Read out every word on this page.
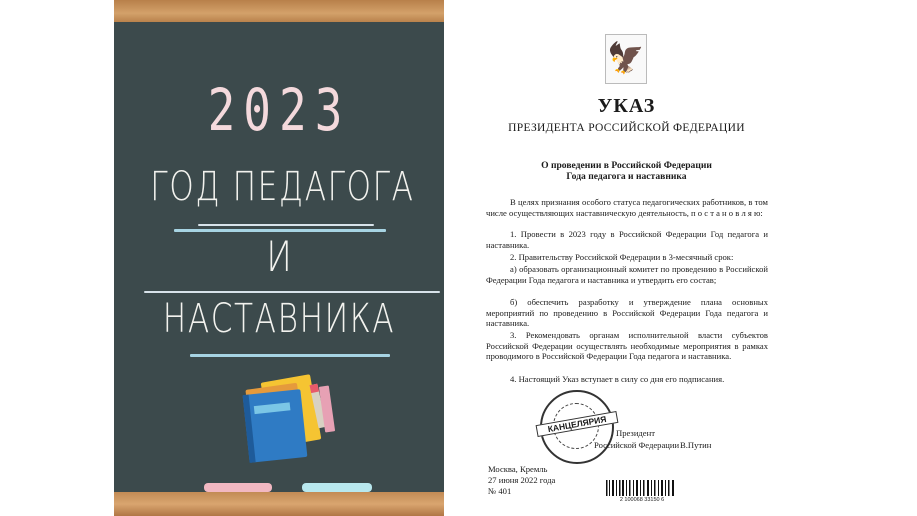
2023
ГОД ПЕДАГОГА
И
НАСТАВНИКА
🦅
УКАЗ
ПРЕЗИДЕНТА РОССИЙСКОЙ ФЕДЕРАЦИИ
О проведении в Российской Федерации
Года педагога и наставника
В целях признания особого статуса педагогических работников, в том числе осуществляющих наставническую деятельность, п о с т а н о в л я ю:
1. Провести в 2023 году в Российской Федерации Год педагога и наставника.
2. Правительству Российской Федерации в 3-месячный срок:
а) образовать организационный комитет по проведению в Российской Федерации Года педагога и наставника и утвердить его состав;
б) обеспечить разработку и утверждение плана основных мероприятий по проведению в Российской Федерации Года педагога и наставника.
3. Рекомендовать органам исполнительной власти субъектов Российской Федерации осуществлять необходимые мероприятия в рамках проводимого в Российской Федерации Года педагога и наставника.
4. Настоящий Указ вступает в силу со дня его подписания.
КАНЦЕЛЯРИЯ	Президент
Российской Федерации В.Путин
Москва, Кремль
27 июня 2022 года
№ 401
2 100068 33150 6
